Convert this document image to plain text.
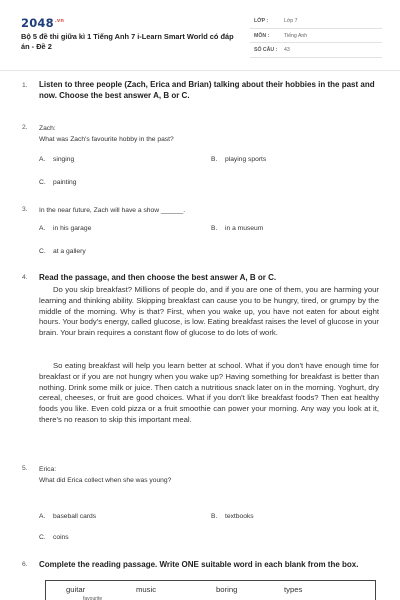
$2048^{.vn}$
Bộ 5 đề thi giữa kì 1 Tiếng Anh 7 i-Learn Smart World có đáp án - Đề 2
LỚP :	Lớp 7
MÔN :	Tiếng Anh
SỐ CÂU : 43
1. Listen to three people (Zach, Erica and Brian) talking about their hobbies in the past and now. Choose the best answer A, B or C.
2. Zach:
What was Zach's favourite hobby in the past?
A. singing	B. playing sports
C. painting
3. In the near future, Zach will have a show ______.
A. in his garage	B. in a museum
C. at a gallery
4. Read the passage, and then choose the best answer A, B or C.

Do you skip breakfast? Millions of people do, and if you are one of them, you are harming your learning and thinking ability. Skipping breakfast can cause you to be hungry, tired, or grumpy by the middle of the morning. Why is that? First, when you wake up, you have not eaten for about eight hours. Your body's energy, called glucose, is low. Eating breakfast raises the level of glucose in your brain. Your brain requires a constant flow of glucose to do lots of work.

So eating breakfast will help you learn better at school. What if you don't have enough time for breakfast or if you are not hungry when you wake up? Having something for breakfast is better than nothing. Drink some milk or juice. Then catch a nutritious snack later on in the morning. Yoghurt, dry cereal, cheeses, or fruit are good choices. What if you don't like breakfast foods? Then eat healthy foods you like. Even cold pizza or a fruit smoothie can power your morning. Any way you look at it, there's no reason to skip this important meal.

5. Erica:
What did Erica collect when she was young?
A. baseball cards	B. textbooks
C. coins
6. Complete the reading passage. Write ONE suitable word in each blank from the box.
guitar	music	boring	types
favourite
